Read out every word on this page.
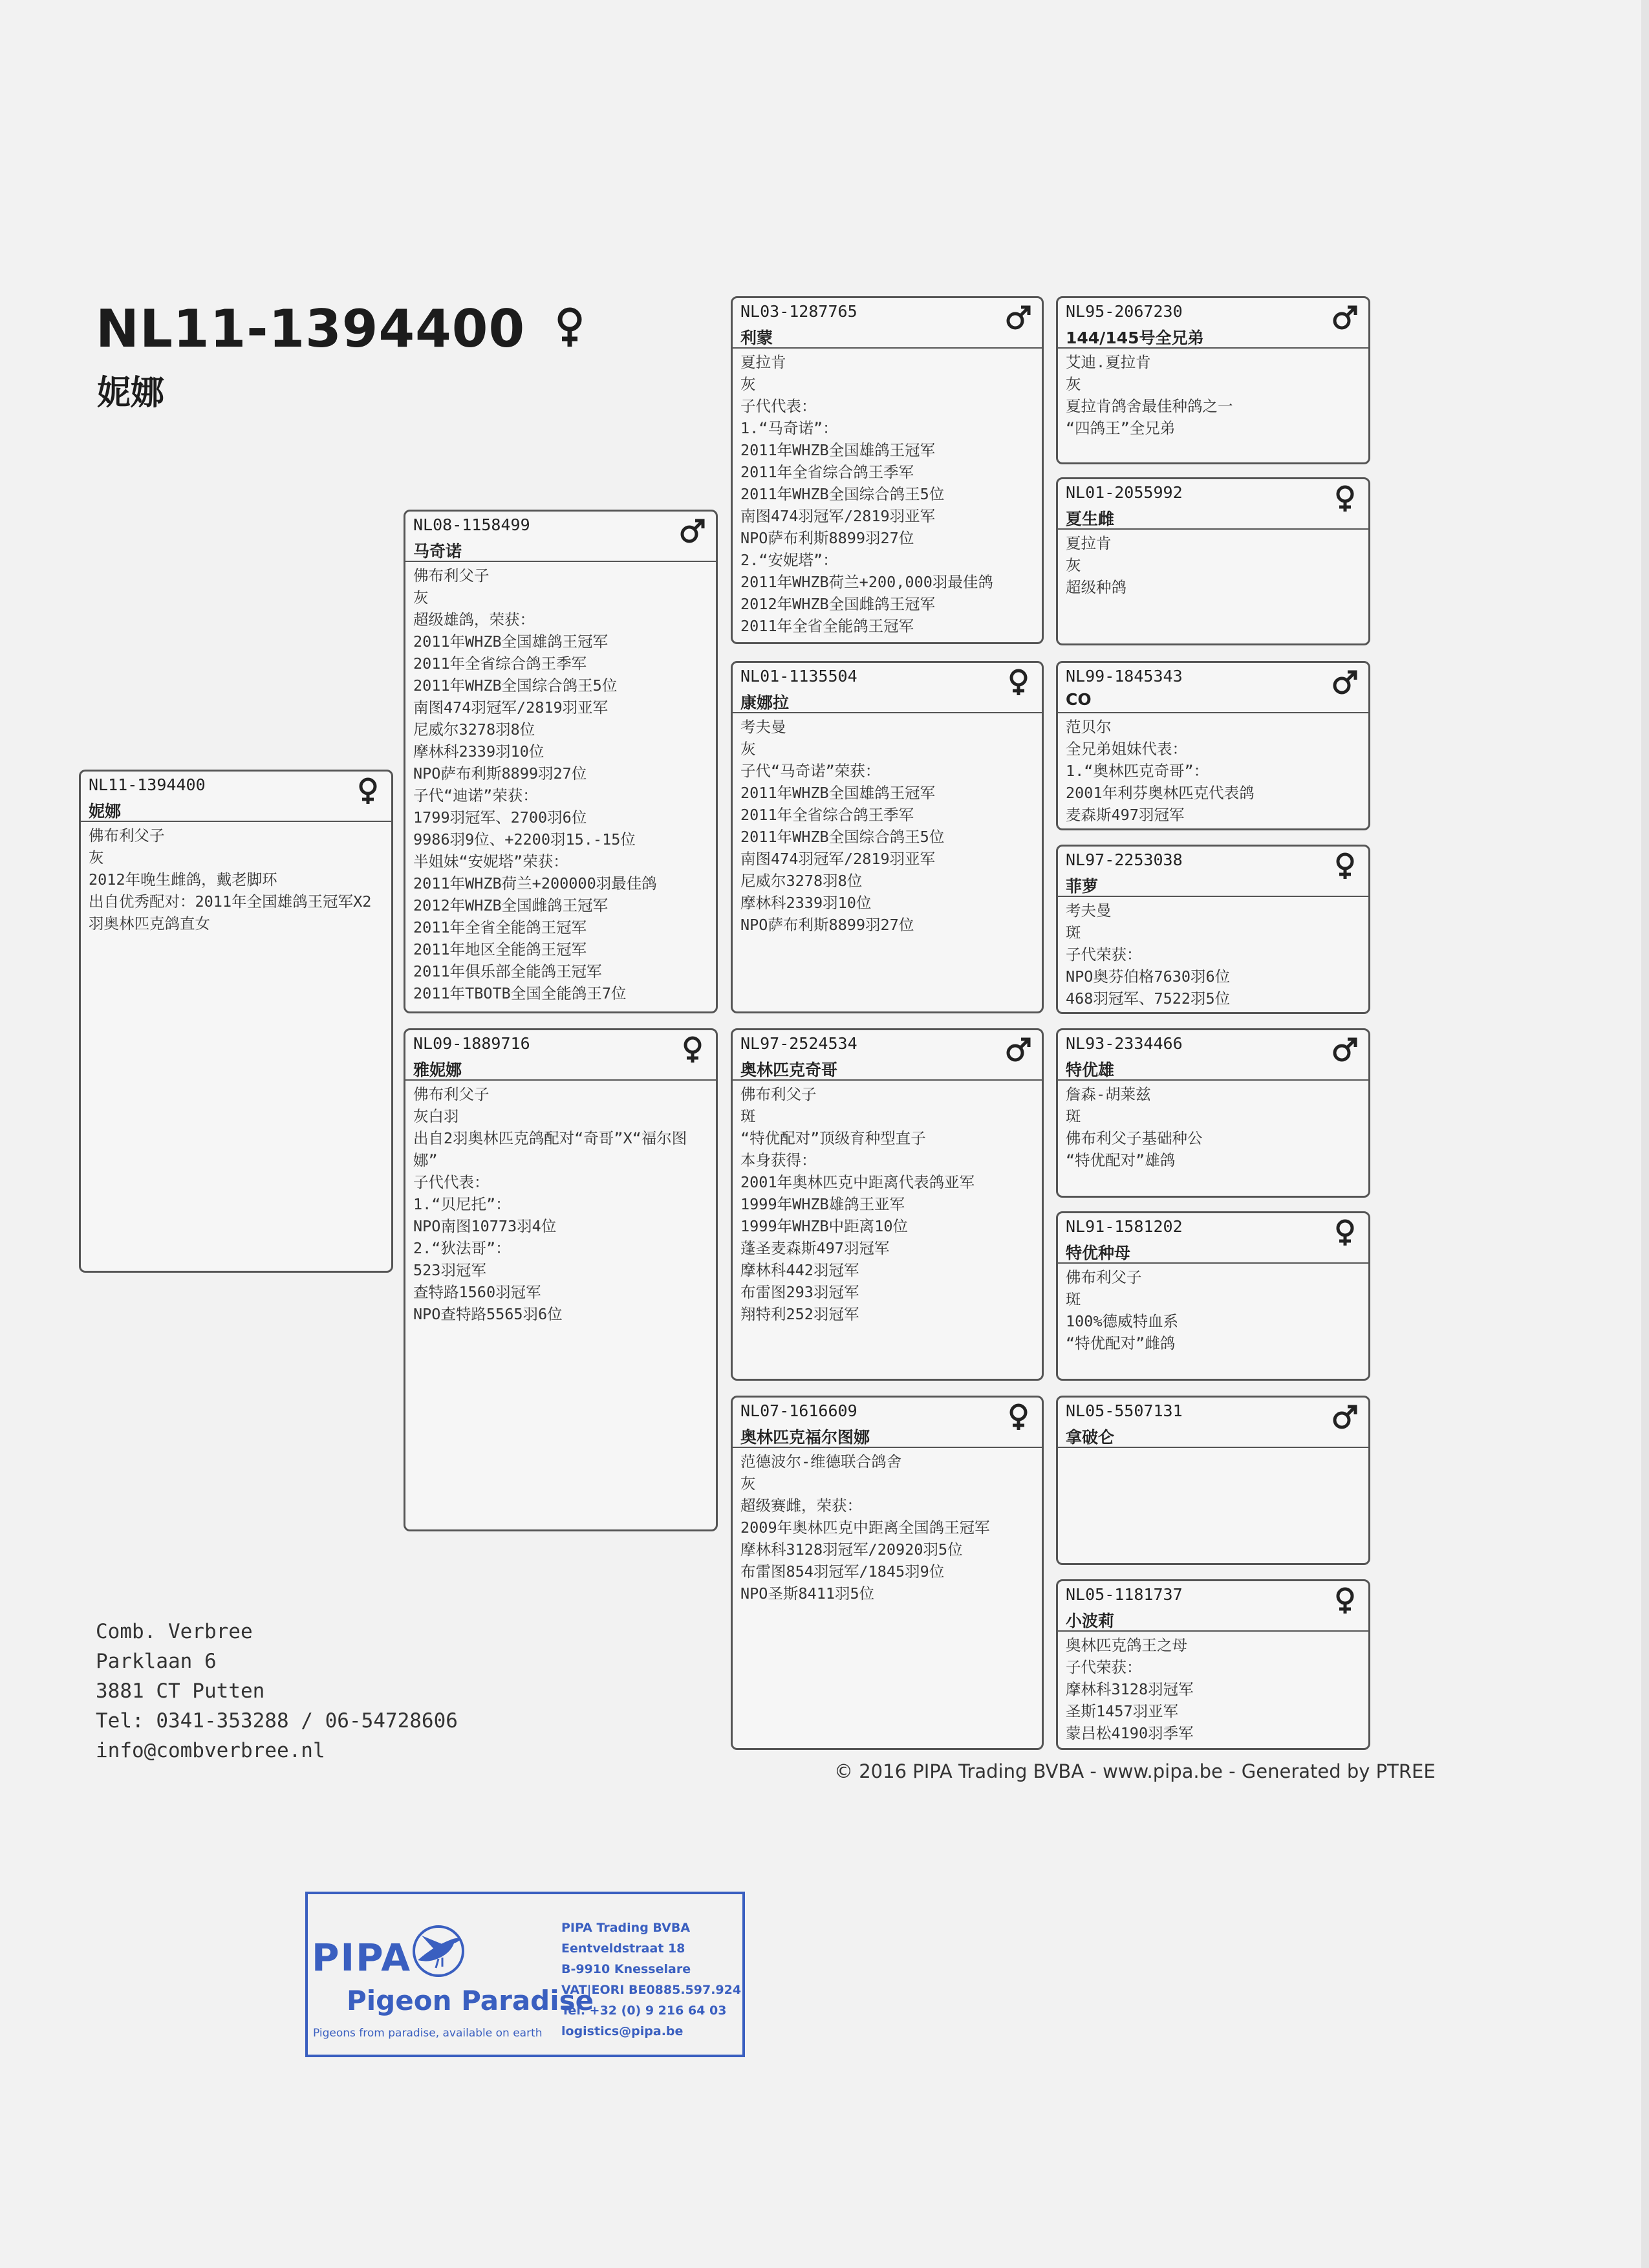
NL11-1394400
妮娜
NL11-1394400
妮娜
佛布利父子
灰
2012年晚生雌鸽，戴老脚环
出自优秀配对：2011年全国雄鸽王冠军X2羽奥林匹克鸽直女
NL08-1158499
马奇诺
佛布利父子
灰
超级雄鸽，荣获：
2011年WHZB全国雄鸽王冠军
2011年全省综合鸽王季军
2011年WHZB全国综合鸽王5位
南图474羽冠军/2819羽亚军
尼威尔3278羽8位
摩林科2339羽10位
NPO萨布利斯8899羽27位
子代“迪诺”荣获：
1799羽冠军、2700羽6位
9986羽9位、+2200羽15.-15位
半姐妹“安妮塔”荣获：
2011年WHZB荷兰+200000羽最佳鸽
2012年WHZB全国雌鸽王冠军
2011年全省全能鸽王冠军
2011年地区全能鸽王冠军
2011年俱乐部全能鸽王冠军
2011年TBOTB全国全能鸽王7位
NL09-1889716
雅妮娜
佛布利父子
灰白羽
出自2羽奥林匹克鸽配对“奇哥”X“福尔图娜”
子代代表：
1.“贝尼托”：
NPO南图10773羽4位
2.“狄法哥”：
523羽冠军
查特路1560羽冠军
NPO查特路5565羽6位
NL03-1287765
利蒙
夏拉肯
灰
子代代表：
1.“马奇诺”：
2011年WHZB全国雄鸽王冠军
2011年全省综合鸽王季军
2011年WHZB全国综合鸽王5位
南图474羽冠军/2819羽亚军
NPO萨布利斯8899羽27位
2.“安妮塔”：
2011年WHZB荷兰+200,000羽最佳鸽
2012年WHZB全国雌鸽王冠军
2011年全省全能鸽王冠军
NL01-1135504
康娜拉
考夫曼
灰
子代“马奇诺”荣获：
2011年WHZB全国雄鸽王冠军
2011年全省综合鸽王季军
2011年WHZB全国综合鸽王5位
南图474羽冠军/2819羽亚军
尼威尔3278羽8位
摩林科2339羽10位
NPO萨布利斯8899羽27位
NL97-2524534
奥林匹克奇哥
佛布利父子
斑
“特优配对”顶级育种型直子
本身获得：
2001年奥林匹克中距离代表鸽亚军
1999年WHZB雄鸽王亚军
1999年WHZB中距离10位
蓬圣麦森斯497羽冠军
摩林科442羽冠军
布雷图293羽冠军
翔特利252羽冠军
NL07-1616609
奥林匹克福尔图娜
范德波尔-维德联合鸽舍
灰
超级赛雌，荣获：
2009年奥林匹克中距离全国鸽王冠军
摩林科3128羽冠军/20920羽5位
布雷图854羽冠军/1845羽9位
NPO圣斯8411羽5位
NL95-2067230
144/145号全兄弟
艾迪.夏拉肯
灰
夏拉肯鸽舍最佳种鸽之一
“四鸽王”全兄弟
NL01-2055992
夏生雌
夏拉肯
灰
超级种鸽
NL99-1845343
CO
范贝尔
全兄弟姐妹代表：
1.“奥林匹克奇哥”：
2001年利芬奥林匹克代表鸽
麦森斯497羽冠军
NL97-2253038
菲萝
考夫曼
斑
子代荣获：
NPO奥芬伯格7630羽6位
468羽冠军、7522羽5位
NL93-2334466
特优雄
詹森-胡莱兹
斑
佛布利父子基础种公
“特优配对”雄鸽
NL91-1581202
特优种母
佛布利父子
斑
100%德威特血系
“特优配对”雌鸽
NL05-5507131
拿破仑
NL05-1181737
小波莉
奥林匹克鸽王之母
子代荣获：
摩林科3128羽冠军
圣斯1457羽亚军
蒙吕松4190羽季军
Comb. Verbree
Parklaan 6
3881 CT Putten
Tel: 0341-353288 / 06-54728606
info@combverbree.nl
© 2016 PIPA Trading BVBA - www.pipa.be - Generated by PTREE
PIPA
Pigeon Paradise
Pigeons from paradise, available on earth
PIPA Trading BVBA
Eentveldstraat 18
B-9910 Knesselare
VAT|EORI BE0885.597.924
Tel. +32 (0) 9 216 64 03
logistics@pipa.be
